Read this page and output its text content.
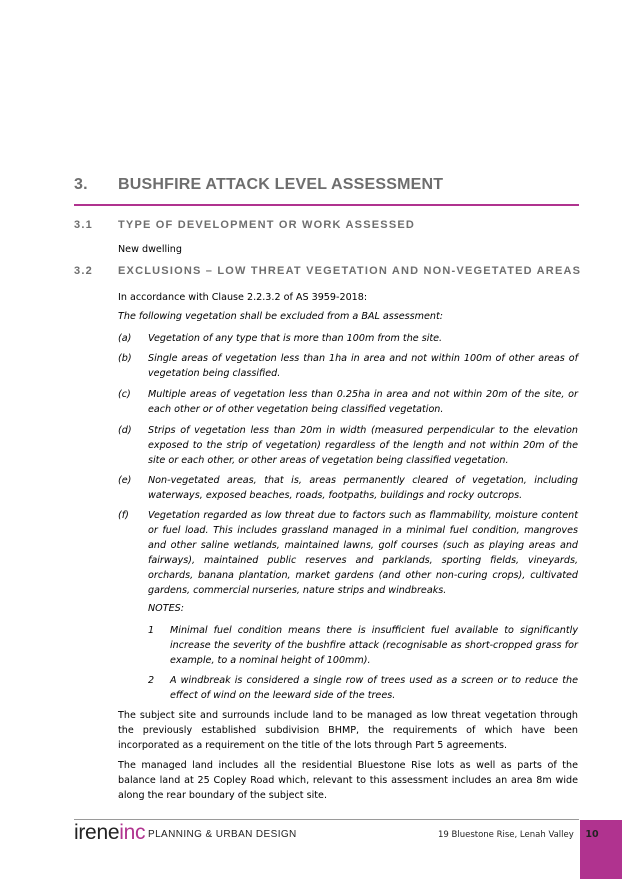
3. BUSHFIRE ATTACK LEVEL ASSESSMENT
3.1 TYPE OF DEVELOPMENT OR WORK ASSESSED
New dwelling
3.2 EXCLUSIONS – LOW THREAT VEGETATION AND NON-VEGETATED AREAS
In accordance with Clause 2.2.3.2 of AS 3959-2018:
The following vegetation shall be excluded from a BAL assessment:
(a) Vegetation of any type that is more than 100m from the site.
(b) Single areas of vegetation less than 1ha in area and not within 100m of other areas of vegetation being classified.
(c) Multiple areas of vegetation less than 0.25ha in area and not within 20m of the site, or each other or of other vegetation being classified vegetation.
(d) Strips of vegetation less than 20m in width (measured perpendicular to the elevation exposed to the strip of vegetation) regardless of the length and not within 20m of the site or each other, or other areas of vegetation being classified vegetation.
(e) Non-vegetated areas, that is, areas permanently cleared of vegetation, including waterways, exposed beaches, roads, footpaths, buildings and rocky outcrops.
(f) Vegetation regarded as low threat due to factors such as flammability, moisture content or fuel load. This includes grassland managed in a minimal fuel condition, mangroves and other saline wetlands, maintained lawns, golf courses (such as playing areas and fairways), maintained public reserves and parklands, sporting fields, vineyards, orchards, banana plantation, market gardens (and other non-curing crops), cultivated gardens, commercial nurseries, nature strips and windbreaks.
NOTES:
1 Minimal fuel condition means there is insufficient fuel available to significantly increase the severity of the bushfire attack (recognisable as short-cropped grass for example, to a nominal height of 100mm).
2 A windbreak is considered a single row of trees used as a screen or to reduce the effect of wind on the leeward side of the trees.
The subject site and surrounds include land to be managed as low threat vegetation through the previously established subdivision BHMP, the requirements of which have been incorporated as a requirement on the title of the lots through Part 5 agreements.
The managed land includes all the residential Bluestone Rise lots as well as parts of the balance land at 25 Copley Road which, relevant to this assessment includes an area 8m wide along the rear boundary of the subject site.
ireneinc PLANNING & URBAN DESIGN	19 Bluestone Rise, Lenah Valley	10
